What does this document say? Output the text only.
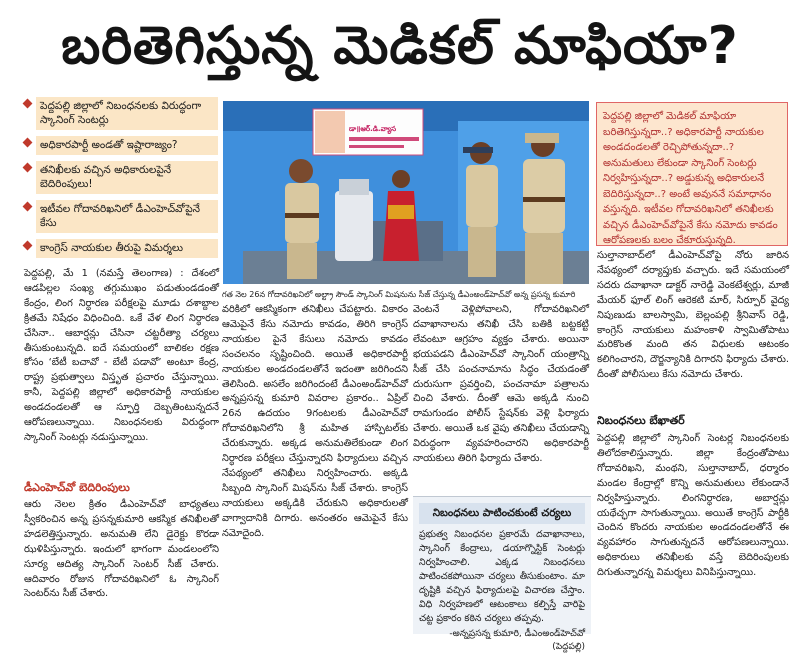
బరితెగిస్తున్న మెడికల్ మాఫియా?
పెద్దపల్లి జిల్లాలో నిబంధనలకు విరుద్ధంగా స్కానింగ్ సెంటర్లు
అధికారపార్టీ అండతో ఇష్టారాజ్యం?
తనిఖీలకు వచ్చిన అధికారులపైనే బెదిరింపులు!
ఇటీవల గోదావరిఖనిలో డీఎంహెచ్‌వోపైనే కేసు
కాంగ్రెస్ నాయకుల తీరుపై విమర్శలు
డా॥ఆర్.డి.వ్యాస
గత నెల 26న గోదావరిఖనిలో అల్ట్రా సౌండ్ స్కానింగ్ మిషనును సీజ్ చేస్తున్న డీఎంఅండ్‌హెచ్‌వో అన్న ప్రసన్న కుమారి
పెద్దపల్లి జిల్లాలో మెడికల్ మాఫియా బరితెగిస్తున్నదా..? అధికారపార్టీ నాయకుల అండదండలతో రెచ్చిపోతున్నదా..? అనుమతులు లేకుండా స్కానింగ్ సెంటర్లు నిర్వహిస్తున్నదా..? అడ్డుకున్న అధికారులనే బెదిరిస్తున్నదా..? అంటే అవుననే సమాధానం వస్తున్నది. ఇటీవల గోదావరిఖనిలో తనిఖీలకు వచ్చిన డీఎంహెచ్‌వోపైనే కేసు నమోదు కావడం ఆరోపణలకు బలం చేకూరుస్తున్నది.
పెద్దపల్లి, మే 1 (నమస్తే తెలంగాణ) : దేశంలో ఆడపిల్లల సంఖ్య తగ్గుముఖం పడుతుండడంతో కేంద్రం, లింగ నిర్ధారణ పరీక్షలపై మూడు దశాబ్దాల క్రితమే నిషేధం విధించింది. ఒకే వేళ లింగ నిర్ధారణ చేసినా.. ఆబార్షన్లు చేసినా చట్టరీత్యా చర్యలు తీసుకుంటున్నది. ఐదే సమయంలో బాలికల రక్షణ కోసం ‘బేటీ బచావో - బేటీ పడావో’ అంటూ కేంద్ర, రాష్ట్ర ప్రభుత్వాలు విస్తృత ప్రచారం చేస్తున్నాయి. కానీ, పెద్దపల్లి జిల్లాలో అధికారపార్టీ నాయకుల అండదండలతో ఆ స్ఫూర్తి దెబ్బతింటున్నదనే ఆరోపణలున్నాయి. నిబంధనలకు విరుద్ధంగా స్కానింగ్ సెంటర్లు నడుస్తున్నాయి.
డీఎంహెచ్‌వో బెదిరింపులు
ఆరు నెలల క్రితం డీఎంహెచ్‌వో బాధ్యతలు స్వీకరించిన అన్న ప్రసన్నకుమారి ఆకస్మిక తనిఖీలతో హడలెత్తిస్తున్నారు. అనుమతి లేని డైరెక్టు కొరడా ఝళిపిస్తున్నారు. ఇందులో భాగంగా మండలంలోని సూర్య ఆదిత్య స్కానింగ్ సెంటర్ సీజ్ చేశారు. ఆదివారం రోజున గోదావరిఖనిలో ఓ స్కానింగ్ సెంటర్‌ను సీజ్ చేశారు.
వరికిలో ఆకస్మికంగా తనిఖీలు చేపట్టారు. వికారం ఆమెపైనే కేసు నమోదు కావడం, తిరిగి కాంగ్రెస్ నాయకుల పైనే కేసులు నమోదు కావడం సంచలనం సృష్టించింది. అయితే అధికారపార్టీ నాయకుల అండదండలతోనే ఇదంతా జరిగిందని తెలిసింది. అసలేం జరిగిందంటే డీఎంఅండ్‌హెచ్‌వో అన్నప్రసన్న కుమారి వివరాల ప్రకారం.. ఏప్రిల్ 26న ఉదయం 9గంటలకు డీఎంహెచ్‌వో గోదావరిఖనిలోని శ్రీ మహిత హాస్పిటల్‌కు చేరుకున్నారు. అక్కడ అనుమతిలేకుండా లింగ నిర్ధారణ పరీక్షలు చేస్తున్నారని ఫిర్యాదులు వచ్చిన నేపథ్యంలో తనిఖీలు నిర్వహించారు. అక్కడి సిబ్బంది స్కానింగ్ మిషన్‌ను సీజ్ చేశారు. కాంగ్రెస్ నాయకులు అక్కడికి చేరుకుని అధికారులతో వాగ్వాదానికి దిగారు. అనంతరం ఆమెపైనే కేసు నమోదైంది.
వెంటనే వెళ్లిపోవాలని, గోదావరిఖనిలో దవాఖానాలను తనిఖీ చేసి బతికి బట్టకట్టి లేవంటూ ఆగ్రహం వ్యక్తం చేశారు. అయినా భయపడని డీఎంహెచ్‌వో స్కానింగ్ యంత్రాన్ని సీజ్ చేసి పంచనామాను సిద్ధం చేయడంతో దురుసుగా ప్రవర్తించి, పంచనామా పత్రాలను చించి వేశారు. దీంతో ఆమె అక్కడి నుంచి రామగుండం పోలీస్ స్టేషన్‌కు వెళ్లి ఫిర్యాదు చేశారు. అయితే ఒక వైపు తనిఖీలు చేయడాన్ని విరుద్ధంగా వ్యవహరించారని అధికారపార్టీ నాయకులు తిరిగి ఫిర్యాదు చేశారు.
నిబంధనలు పాటించకుంటే చర్యలు
ప్రభుత్వ నిబంధనల ప్రకారమే దవాఖానాలు, స్కానింగ్ కేంద్రాలు, డయాగ్నొస్టిక్ సెంటర్లు నిర్వహించాలి. ఎక్కడ నిబంధనలు పాటించకపోయినా చర్యలు తీసుకుంటాం. మా దృష్టికి వచ్చిన ఫిర్యాదులపై విచారణ చేస్తాం. విధి నిర్వహణలో ఆటంకాలు కల్పిస్తే వారిపై చట్ట ప్రకారం కఠిన చర్యలు తప్పవు.
-అన్నప్రసన్న కుమారి, డీఎంఅండ్‌హెచ్‌వో (పెద్దపల్లి)
సుల్తానాబాద్‌లో డీఎంహెచ్‌వోపై నోరు జారిన నేపథ్యంలో దర్యాప్తుకు వచ్చారు. ఇదే సమయంలో సదరు దవాఖానా డాక్టర్ నారెడ్డి వెంకటేశ్వర్లు, మాజీ మేయర్ ఫూల్ లింగ్ ఆరెకటి మార్, సిర్పూర్ వైద్య నిపుణుడు బాలస్వామి, బెల్లంపల్లి శ్రీనివాస్ రెడ్డి, కాంగ్రెస్ నాయకులు మహంకాళి స్వామితోపాటు మరికొంత మంది తన విధులకు ఆటంకం కలిగించారని, దౌర్జన్యానికి దిగారని ఫిర్యాదు చేశారు. దీంతో పోలీసులు కేసు నమోదు చేశారు.
నిబంధనలు బేఖాతర్
పెద్దపల్లి జిల్లాలో స్కానింగ్ సెంటర్ల నిబంధనలకు తిలోదకాలిస్తున్నారు. జిల్లా కేంద్రంతోపాటు గోదావరిఖని, మంథని, సుల్తానాబాద్, ధర్మారం మండల కేంద్రాల్లో కొన్ని అనుమతులు లేకుండానే నిర్వహిస్తున్నారు. లింగనిర్ధారణ, అబార్షన్లు యథేచ్ఛగా సాగుతున్నాయి. అయితే కాంగ్రెస్ పార్టీకి చెందిన కొందరు నాయకుల అండదండలతోనే ఈ వ్యవహారం సాగుతున్నదనే ఆరోపణలున్నాయి. అధికారులు తనిఖీలకు వస్తే బెదిరింపులకు దిగుతున్నారన్న విమర్శలు వినిపిస్తున్నాయి.
